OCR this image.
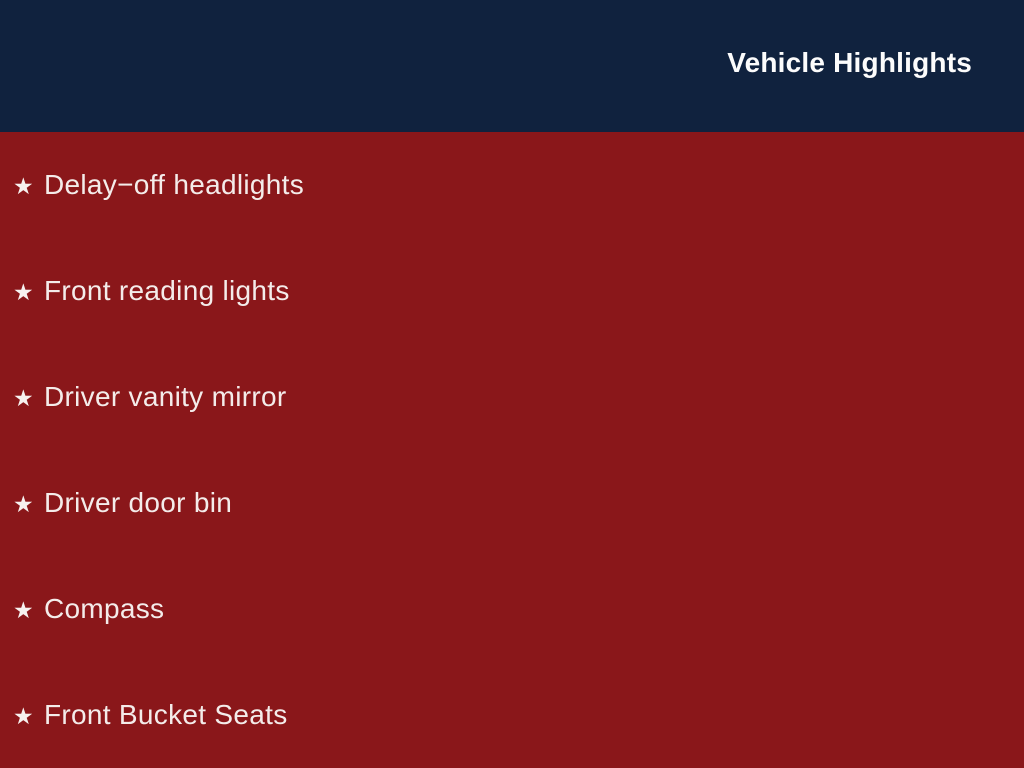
Vehicle Highlights
★ Delay−off headlights
★ Front reading lights
★ Driver vanity mirror
★ Driver door bin
★ Compass
★ Front Bucket Seats
